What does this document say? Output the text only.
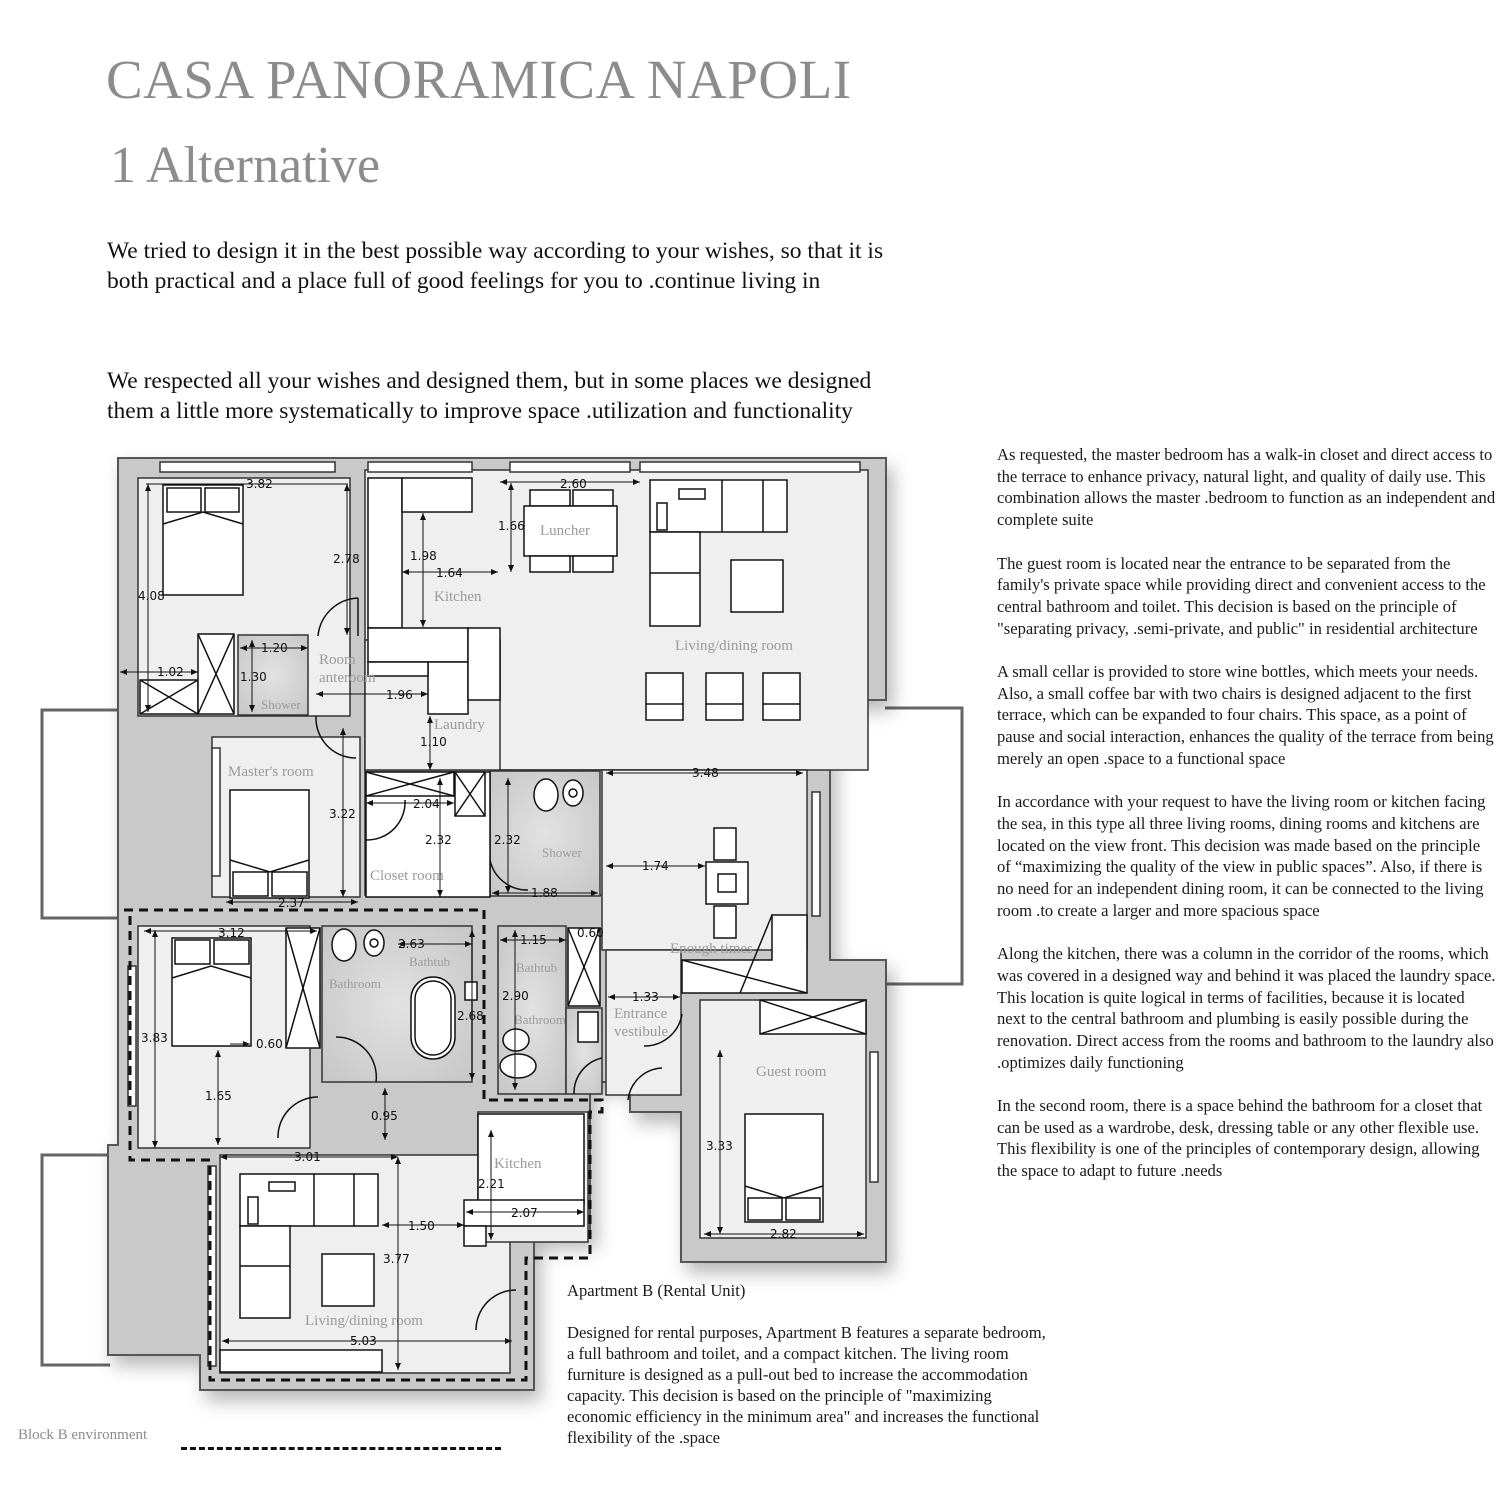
CASA PANORAMICA NAPOLI
1 Alternative

We tried to design it in the best possible way according to your wishes, so that it is both practical and a place full of good feelings for you to .continue living in

We respected all your wishes and designed them, but in some places we designed them a little more systematically to improve space .utilization and functionality

Luncher
Kitchen
Living/dining room
Room
anteroom
Shower
Laundry
Master's room
Closet room
Shower
Enough times
Entrance
vestibule
Guest room
Bathroom
Bathtub	Bathtub
Bathroom
Kitchen
Living/dining room
3.82
2.78
4.08
1.02
1.20
1.30
1.98
1.64
2.60
1.66
1.96
1.10
3.22
2.04
2.32	2.32
1.88
2.37
3.48
1.74
3.12
2.63
2.68
3.83	0.60
1.65
0.95
1.15	0.60
2.90	1.33
3.33
2.82
3.01
2.21
2.07
1.50
3.77
5.03

As requested, the master bedroom has a walk-in closet and direct access to the terrace to enhance privacy, natural light, and quality of daily use. This combination allows the master .bedroom to function as an independent and complete suite

The guest room is located near the entrance to be separated from the family's private space while providing direct and convenient access to the central bathroom and toilet. This decision is based on the principle of "separating privacy, .semi-private, and public" in residential architecture

A small cellar is provided to store wine bottles, which meets your needs. Also, a small coffee bar with two chairs is designed adjacent to the first terrace, which can be expanded to four chairs. This space, as a point of pause and social interaction, enhances the quality of the terrace from being merely an open .space to a functional space

In accordance with your request to have the living room or kitchen facing the sea, in this type all three living rooms, dining rooms and kitchens are located on the view front. This decision was made based on the principle of “maximizing the quality of the view in public spaces”. Also, if there is no need for an independent dining room, it can be connected to the living room .to create a larger and more spacious space

Along the kitchen, there was a column in the corridor of the rooms, which was covered in a designed way and behind it was placed the laundry space. This location is quite logical in terms of facilities, because it is located next to the central bathroom and plumbing is easily possible during the renovation. Direct access from the rooms and bathroom to the laundry also .optimizes daily functioning

In the second room, there is a space behind the bathroom for a closet that can be used as a wardrobe, desk, dressing table or any other flexible use. This flexibility is one of the principles of contemporary design, allowing the space to adapt to future .needs

Apartment B (Rental Unit)

Designed for rental purposes, Apartment B features a separate bedroom, a full bathroom and toilet, and a compact kitchen. The living room furniture is designed as a pull-out bed to increase the accommodation capacity. This decision is based on the principle of "maximizing economic efficiency in the minimum area" and increases the functional flexibility of the .space

Block B environment
